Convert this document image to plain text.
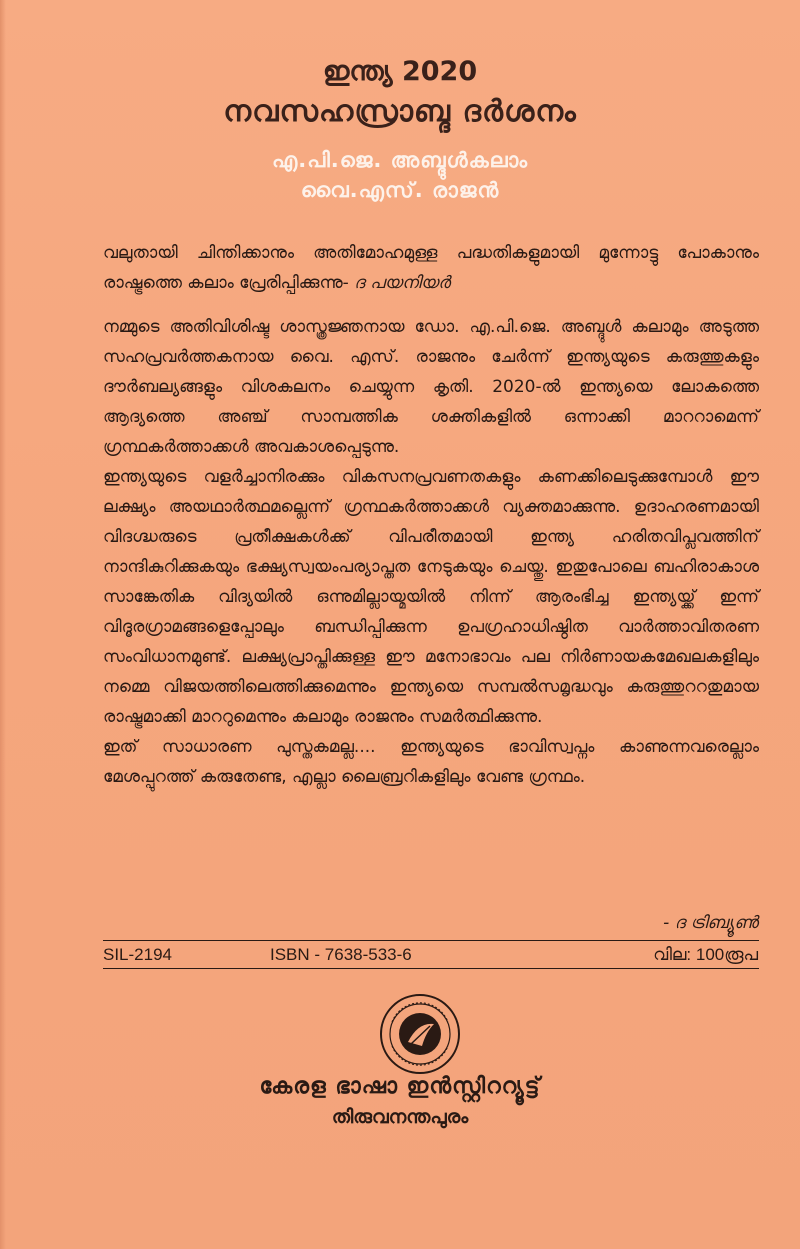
ഇന്ത്യ 2020
നവസഹസ്രാബ്ദ ദർശനം
എ.പി.ജെ. അബ്ദുൾകലാം
വൈ.എസ്. രാജൻ
വലുതായി ചിന്തിക്കാനും അതിമോഹമുള്ള പദ്ധതികളുമായി മുന്നോട്ടു പോകാനും രാഷ്ട്രത്തെ കലാം പ്രേരിപ്പിക്കുന്നു- ദ പയനിയർ

നമ്മുടെ അതിവിശിഷ്ട ശാസ്ത്രജ്ഞനായ ഡോ. എ.പി.ജെ. അബ്ദുൾ കലാമും അടുത്ത സഹപ്രവർത്തകനായ വൈ. എസ്. രാജനും ചേർന്ന് ഇന്ത്യയുടെ കരുത്തുകളും ദൗർബല്യങ്ങളും വിശകലനം ചെയ്യുന്ന കൃതി. 2020-ൽ ഇന്ത്യയെ ലോകത്തെ ആദ്യത്തെ അഞ്ച് സാമ്പത്തിക ശക്തികളിൽ ഒന്നാക്കി മാററാമെന്ന് ഗ്രന്ഥകർത്താക്കൾ അവകാശപ്പെടുന്നു.

ഇന്ത്യയുടെ വളർച്ചാനിരക്കും വികസനപ്രവണതകളും കണക്കിലെടുക്കുമ്പോൾ ഈ ലക്ഷ്യം അയഥാർത്ഥമല്ലെന്ന് ഗ്രന്ഥകർത്താക്കൾ വ്യക്തമാക്കുന്നു. ഉദാഹരണമായി വിദഗ്ദ്ധരുടെ പ്രതീക്ഷകൾക്ക് വിപരീതമായി ഇന്ത്യ ഹരിതവിപ്ലവത്തിന് നാന്ദികുറിക്കുകയും ഭക്ഷ്യസ്വയംപര്യാപ്തത നേടുകയും ചെയ്തു. ഇതുപോലെ ബഹിരാകാശ സാങ്കേതിക വിദ്യയിൽ ഒന്നുമില്ലായ്മയിൽ നിന്ന് ആരംഭിച്ച ഇന്ത്യയ്ക്ക് ഇന്ന് വിദൂരഗ്രാമങ്ങളെപ്പോലും ബന്ധിപ്പിക്കുന്ന ഉപഗ്രഹാധിഷ്ഠിത വാർത്താവിതരണ സംവിധാനമുണ്ട്. ലക്ഷ്യപ്രാപ്തിക്കുള്ള ഈ മനോഭാവം പല നിർണായകമേഖലകളിലും നമ്മെ വിജയത്തിലെത്തിക്കുമെന്നും ഇന്ത്യയെ സമ്പൽസമൃദ്ധവും കരുത്തുററതുമായ രാഷ്ട്രമാക്കി മാററുമെന്നും കലാമും രാജനും സമർത്ഥിക്കുന്നു.

ഇത് സാധാരണ പുസ്തകമല്ല.... ഇന്ത്യയുടെ ഭാവിസ്വപ്നം കാണുന്നവരെല്ലാം മേശപ്പുറത്ത് കരുതേണ്ട, എല്ലാ ലൈബ്രറികളിലും വേണ്ട ഗ്രന്ഥം.

- ദ ട്രിബ്യൂൺ
SIL-2194	ISBN - 7638-533-6	വില: 100രൂപ
കേരള ഭാഷാ ഇൻസ്റ്റിററ്യൂട്ട്
തിരുവനന്തപുരം
